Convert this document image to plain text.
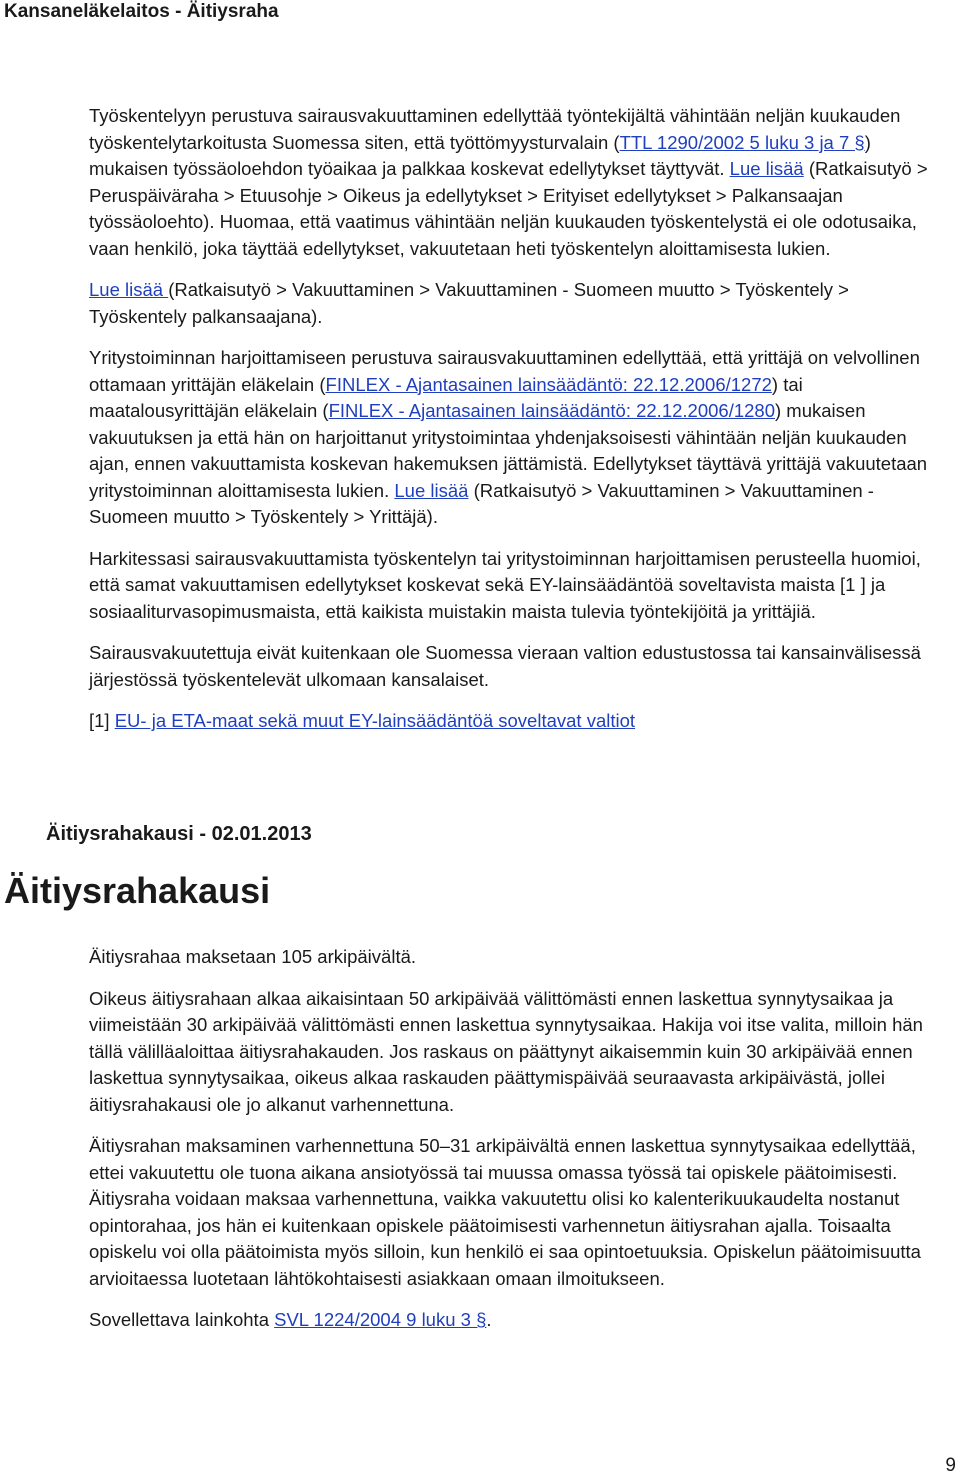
Kansaneläkelaitos - Äitiysraha

Työskentelyyn perustuva sairausvakuuttaminen edellyttää työntekijältä vähintään neljän kuukauden työskentelytarkoitusta Suomessa siten, että työttömyysturvalain (TTL 1290/2002 5 luku 3 ja 7 §) mukaisen työssäoloehdon työaikaa ja palkkaa koskevat edellytykset täyttyvät. Lue lisää (Ratkaisutyö > Peruspäiväraha > Etuusohje > Oikeus ja edellytykset > Erityiset edellytykset > Palkansaajan työssäoloehto). Huomaa, että vaatimus vähintään neljän kuukauden työskentelystä ei ole odotusaika, vaan henkilö, joka täyttää edellytykset, vakuutetaan heti työskentelyn aloittamisesta lukien.

Lue lisää (Ratkaisutyö > Vakuuttaminen > Vakuuttaminen - Suomeen muutto > Työskentely > Työskentely palkansaajana).

Yritystoiminnan harjoittamiseen perustuva sairausvakuuttaminen edellyttää, että yrittäjä on velvollinen ottamaan yrittäjän eläkelain (FINLEX - Ajantasainen lainsäädäntö: 22.12.2006/1272) tai maatalousyrittäjän eläkelain (FINLEX - Ajantasainen lainsäädäntö: 22.12.2006/1280) mukaisen vakuutuksen ja että hän on harjoittanut yritystoimintaa yhdenjaksoisesti vähintään neljän kuukauden ajan, ennen vakuuttamista koskevan hakemuksen jättämistä. Edellytykset täyttävä yrittäjä vakuutetaan yritystoiminnan aloittamisesta lukien. Lue lisää (Ratkaisutyö > Vakuuttaminen > Vakuuttaminen - Suomeen muutto > Työskentely > Yrittäjä).

Harkitessasi sairausvakuuttamista työskentelyn tai yritystoiminnan harjoittamisen perusteella huomioi, että samat vakuuttamisen edellytykset koskevat sekä EY-lainsäädäntöä soveltavista maista [1 ] ja sosiaaliturvasopimusmaista, että kaikista muistakin maista tulevia työntekijöitä ja yrittäjiä.

Sairausvakuutettuja eivät kuitenkaan ole Suomessa vieraan valtion edustustossa tai kansainvälisessä järjestössä työskentelevät ulkomaan kansalaiset.

[1] EU- ja ETA-maat sekä muut EY-lainsäädäntöä soveltavat valtiot

Äitiysrahakausi - 02.01.2013
Äitiysrahakausi

Äitiysrahaa maksetaan 105 arkipäivältä.

Oikeus äitiysrahaan alkaa aikaisintaan 50 arkipäivää välittömästi ennen laskettua synnytysaikaa ja viimeistään 30 arkipäivää välittömästi ennen laskettua synnytysaikaa. Hakija voi itse valita, milloin hän tällä välilläaloittaa äitiysrahakauden. Jos raskaus on päättynyt aikaisemmin kuin 30 arkipäivää ennen laskettua synnytysaikaa, oikeus alkaa raskauden päättymispäivää seuraavasta arkipäivästä, jollei äitiysrahakausi ole jo alkanut varhennettuna.

Äitiysrahan maksaminen varhennettuna 50–31 arkipäivältä ennen laskettua synnytysaikaa edellyttää, ettei vakuutettu ole tuona aikana ansiotyössä tai muussa omassa työssä tai opiskele päätoimisesti. Äitiysraha voidaan maksaa varhennettuna, vaikka vakuutettu olisi ko kalenterikuukaudelta nostanut opintorahaa, jos hän ei kuitenkaan opiskele päätoimisesti varhennetun äitiysrahan ajalla. Toisaalta opiskelu voi olla päätoimista myös silloin, kun henkilö ei saa opintoetuuksia. Opiskelun päätoimisuutta arvioitaessa luotetaan lähtökohtaisesti asiakkaan omaan ilmoitukseen.

Sovellettava lainkohta SVL 1224/2004 9 luku 3 §.

9
